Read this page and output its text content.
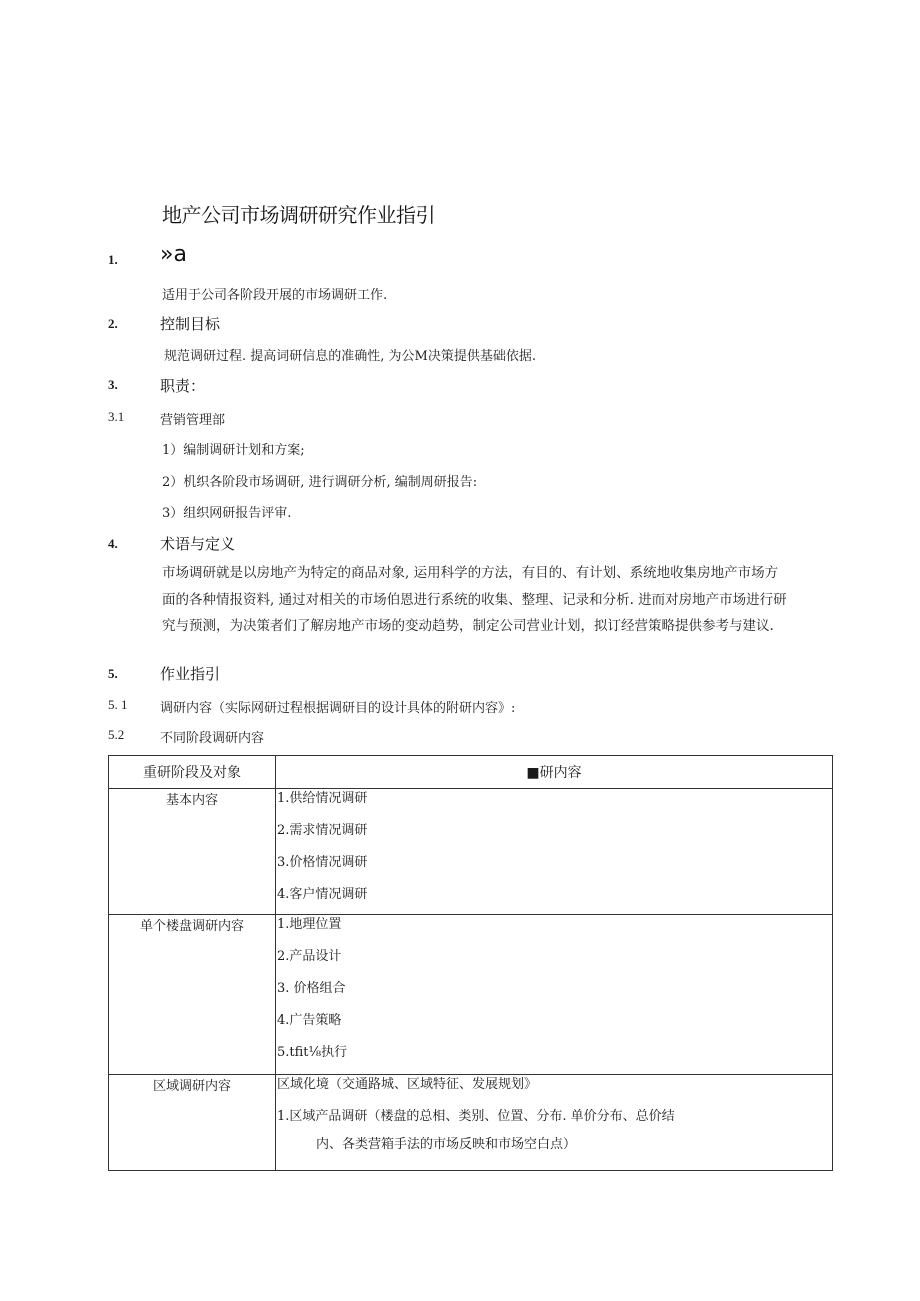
地产公司市场调研研究作业指引
1. »a
适用于公司各阶段开展的市场调研工作.
2.	控制目标
规范调研过程. 提高词研信息的准确性, 为公M决策提供基础依据.
3.	职责：
3.1	营销管理部
1）编制调研计划和方案;
2）机织各阶段市场调研, 进行调研分析, 编制周研报告:
3）组织网研报告评审.
4.	术语与定义

市场调研就是以房地产为特定的商品对象, 运用科学的方法，有目的、有计划、系统地收集房地产市场方

面的各种情报资料, 通过对相关的市场伯恩进行系统的收集、整理、记录和分析. 进而对房地产市场进行研

究与预测，为决策者们了解房地产市场的变动趋势，制定公司营业计划，拟订经营策略提供参考与建议.

5.	作业指引
5. 1	调研内容（实际网研过程根据调研目的设计具体的附研内容》:
5.2	不同阶段调研内容
重研阶段及对象	■研内容
基本内容	1.供给情况调研
2.需求情况调研
3.价格情况调研
4.客户情况调研

单个楼盘调研内容	1.地理位置
2.产品设计
3. 价格组合
4.广告策略
5.tfit⅛执行

区域调研内容	区域化境（交通路城、区域特征、发展规划》
1.区域产品调研（楼盘的总相、类别、位置、分布. 单价分布、总价结
内、各类营箱手法的市场反映和市场空白点）
